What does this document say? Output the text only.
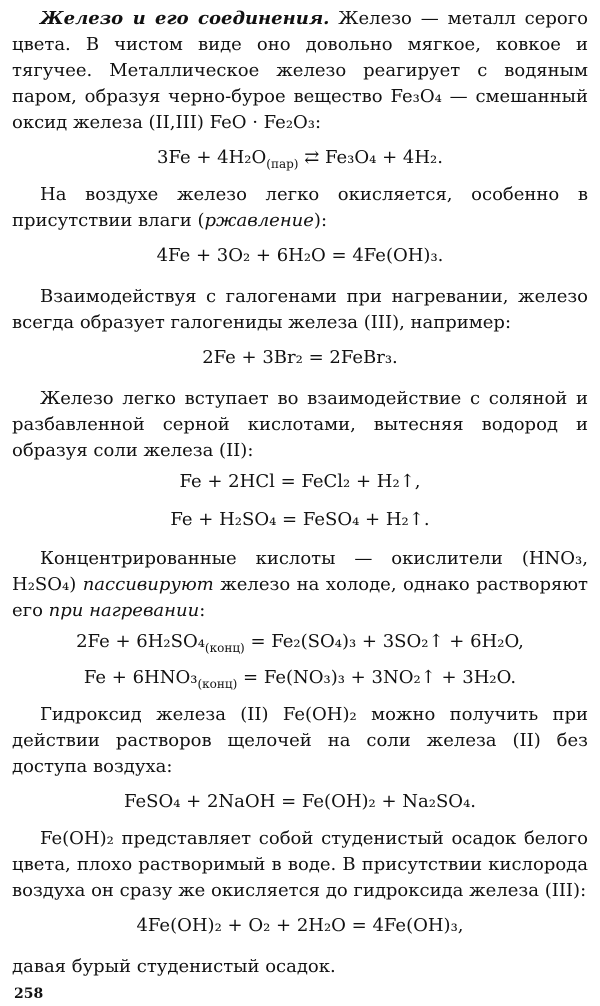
Железо и его соединения. Железо — металл серого цвета. В чистом виде оно довольно мягкое, ковкое и тягучее. Металлическое железо реагирует с водяным паром, образуя черно-бурое вещество Fe₃O₄ — смешанный оксид железа (II,III) FeO · Fe₂O₃:

$3Fe + 4H_2O_{(пар)}$ ⇄ Fe₃O₄ + 4H₂.

На воздухе железо легко окисляется, особенно в присутствии влаги (ржавление):

4Fe + 3O₂ + 6H₂O = 4Fe(OH)₃.

Взаимодействуя с галогенами при нагревании, железо всегда образует галогениды железа (III), например:

2Fe + 3Br₂ = 2FeBr₃.

Железо легко вступает во взаимодействие с соляной и разбавленной серной кислотами, вытесняя водород и образуя соли железа (II):

Fe + 2HCl = FeCl₂ + H₂↑,
Fe + H₂SO₄ = FeSO₄ + H₂↑.

Концентрированные кислоты — окислители (HNO₃, H₂SO₄) пассивируют железо на холоде, однако растворяют его при нагревании:

$2Fe + 6H_2SO_4_{(конц)} = Fe_2(SO_4)_3$ + 3SO₂↑ + 6H₂O,
$Fe + 6HNO_3_{(конц)} = Fe(NO_3)_3$ + 3NO₂↑ + 3H₂O.

Гидроксид железа (II) Fe(OH)₂ можно получить при действии растворов щелочей на соли железа (II) без доступа воздуха:

FeSO₄ + 2NaOH = Fe(OH)₂ + Na₂SO₄.

Fe(OH)₂ представляет собой студенистый осадок белого цвета, плохо растворимый в воде. В присутствии кислорода воздуха он сразу же окисляется до гидроксида железа (III):

4Fe(OH)₂ + O₂ + 2H₂O = 4Fe(OH)₃,

давая бурый студенистый осадок.

258
